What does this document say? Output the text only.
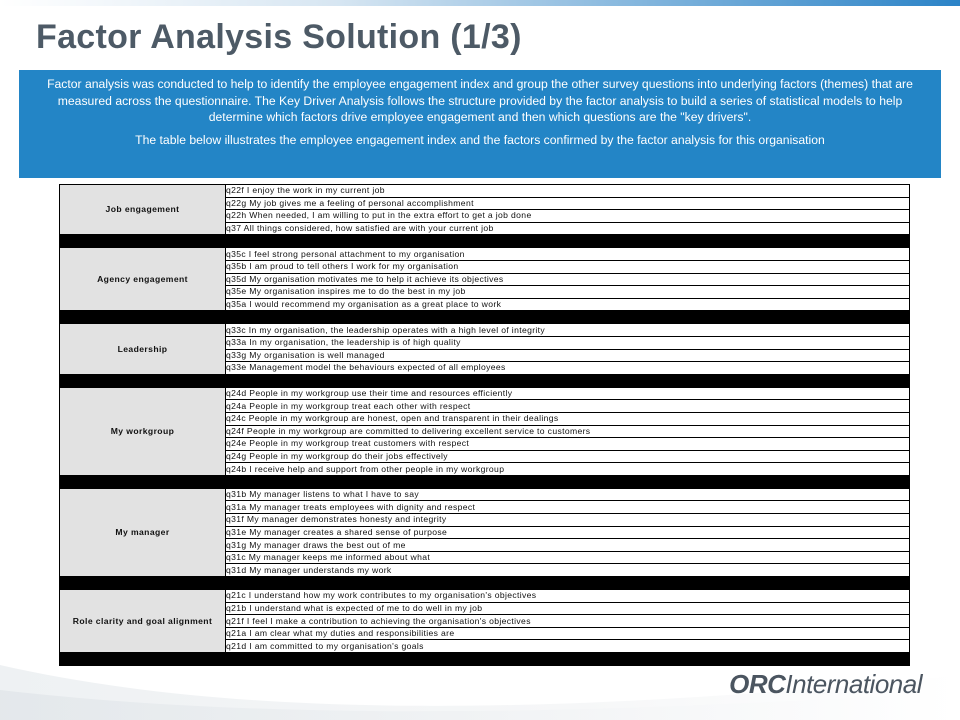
Factor Analysis Solution (1/3)

Factor analysis was conducted to help to identify the employee engagement index and group the other survey questions into underlying factors (themes) that are measured across the questionnaire. The Key Driver Analysis follows the structure provided by the factor analysis to build a series of statistical models to help determine which factors drive employee engagement and then which questions are the "key drivers".

The table below illustrates the employee engagement index and the factors confirmed by the factor analysis for this organisation

Job engagement	q22f I enjoy the work in my current job
	q22g My job gives me a feeling of personal accomplishment
	q22h When needed, I am willing to put in the extra effort to get a job done
	q37 All things considered, how satisfied are with your current job

Agency engagement	q35c I feel strong personal attachment to my organisation
	q35b I am proud to tell others I work for my organisation
	q35d My organisation motivates me to help it achieve its objectives
	q35e My organisation inspires me to do the best in my job
	q35a I would recommend my organisation as a great place to work

Leadership	q33c In my organisation, the leadership operates with a high level of integrity
	q33a In my organisation, the leadership is of high quality
	q33g My organisation is well managed
	q33e Management model the behaviours expected of all employees

My workgroup	q24d People in my workgroup use their time and resources efficiently
	q24a People in my workgroup treat each other with respect
	q24c People in my workgroup are honest, open and transparent in their dealings
	q24f People in my workgroup are committed to delivering excellent service to customers
	q24e People in my workgroup treat customers with respect
	q24g People in my workgroup do their jobs effectively
	q24b I receive help and support from other people in my workgroup

My manager	q31b My manager listens to what I have to say
	q31a My manager treats employees with dignity and respect
	q31f My manager demonstrates honesty and integrity
	q31e My manager creates a shared sense of purpose
	q31g My manager draws the best out of me
	q31c My manager keeps me informed about what
	q31d My manager understands my work

Role clarity and goal alignment	q21c I understand how my work contributes to my organisation's objectives
	q21b I understand what is expected of me to do well in my job
	q21f I feel I make a contribution to achieving the organisation's objectives
	q21a I am clear what my duties and responsibilities are
	q21d I am committed to my organisation's goals

ORCInternational
